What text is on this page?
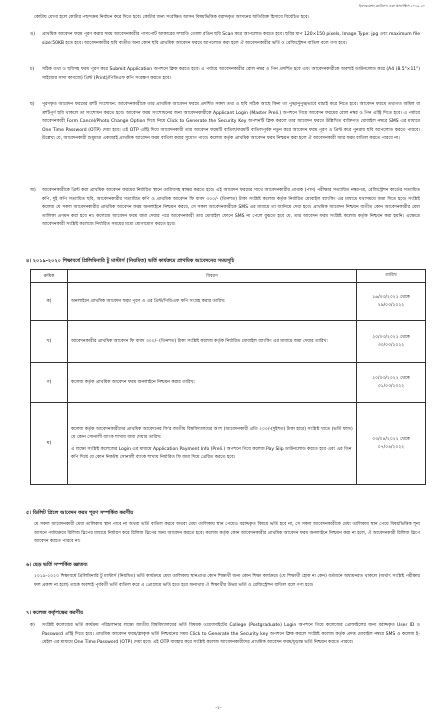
ইনফরমেশন ক্যাটালগ এবং প্রসপেক্টাস ২০১৯-২০
কোটায় যোগ্য হলে কোটার পছন্দক্রম নির্বাচন করে দিতে হবে। কোটার জন্য সংরক্ষিত আসন বিষয়ভিত্তিক বরাদ্দকৃত আসনের অতিরিক্ত হিসাবে বিবেচিত হবে।
ঙ)	প্রাথমিক আবেদন ফরম পূরণ করার সময় আবেদনকারীর পাসপোর্ট আকারের সম্প্রতি তোলা রঙিন ছবি Scan করে আপলোড করতে হবে। ছবির মাপ 120×150 pixels, Image Type: jpg এবং maximum file size:50KB হতে হবে। আবেদনকারীর ছবি ব্যতীত অন্য কোন ছবি প্রাথমিক আবেদন ফরমে আপলোড করা হলে ঐ আবেদনকারীর ভর্তি ও রেজিস্ট্রেশন বাতিল বলে গণ্য হবে।
চ)	সঠিক তথ্য ও ছবিসহ ফরম পূরণ করে Submit Application অপশনে ক্লিক করতে হবে। এ পর্যায়ে আবেদনকারীর রোল নম্বর ও পিন প্রদর্শিত হবে এবং আবেদনকারীকে অবশ্যই ডাউনলোড করে (A4 (8.5"×11") সাইজের সাদা কাগজে) প্রিন্ট (Print)/পিডিএফ কপি সংরক্ষণ করতে হবে।
ছ)	পূরণকৃত আবেদন ফরমের ত্রুটি সংশোধন: আবেদনকারীকে তার প্রাথমিক আবেদন ফরমে প্রদর্শিত সকল তথ্য ও ছবি সঠিক আছে কিনা তা পুঙ্খানুপুঙ্খভাবে যাচাই করে নিতে হবে। আবেদন ফরমে তথ্যগত অমিল বা ত্রুটিপূর্ণ ছবি থাকলে তা সংশোধন করতে হবে। আবেদন ফরম সংশোধনের জন্য আবেদনকারীকে Applicant Login (Master Preli.) অপশনে গিয়ে আবেদন ফরমের রোল নম্বর ও পিন এন্ট্রি দিতে হবে। এ পর্যায়ে আবেদনকারী Form Cancel/Photo Change Option দিয়ে নিয়ে Click to Generate the Security Key অপশনটি ক্লিক করলে তার আবেদন ফরমে উল্লিখিত ব্যক্তিগত মোবাইল নম্বরে SMS এর মাধ্যমে One Time Password (OTP) দেয়া হবে। এই OTP এন্ট্রি দিয়ে আবেদনকারী তার আবেদন ফরমটি বাতিল/ফরমটি বাতিলপূর্বক নতুন করে আবেদন ফরম পূরণ ও প্রিন্ট করে পুনরায় ছবি আপলোড করতে পারবে। উল্লেখ্য যে, আবেদনকারী শুধুমাত্র একবারই প্রাথমিক আবেদন ফরম বাতিল করার সুযোগ পাবে। কলেজ কর্তৃক প্রাথমিক আবেদন ফরম নিশ্চয়ন করা হলে ঐ আবেদনকারী আর ফরম বাতিল করতে পারবে না।
জ)	আবেদনকারীকে প্রিন্ট করা প্রাথমিক আবেদন ফরমের নির্ধারিত স্থানে তারিখসহ স্বাক্ষর করতে হবে। এই আবেদন ফরমের সাথে আবেদনকারীর প্রাপ্তক (পাস) পরীক্ষার সত্যায়িত নম্বরপত্র, রেজিস্ট্রেশন কার্ডের সত্যায়িত কপি, দুই কপি সত্যায়িত ছবি, আবেদনকারীর সত্যায়িত কপি ও প্রাথমিক আবেদন ফি বাবদ ৩০০/- (তিনশত) টাকা সংশ্লিষ্ট কলেজ কর্তৃক নির্ধারিত মোবাইল ব্যাংকিং এর মাধ্যমে যথাসময়ে জমা দিতে হবে। সংশ্লিষ্ট কলেজ যে সকল আবেদনকারীর প্রাথমিক আবেদন ফরম অনলাইনে নিশ্চয়ন করবে, সে সকল আবেদনকারীকে SMS এর মাধ্যমে তা জানিয়ে দেয়া হবে। প্রাথমিক আবেদন নিশ্চয়ন ব্যতীত কোন আবেদনকারীর মেধা তালিকা প্রণয়ন করা হবে না। কলেজে আবেদন ফরম জমা দেয়ার পরে আবেদনকারী তার মোবাইল ফোনে SMS না পেলে বুঝতে হবে যে, তার আবেদন ফরম সংশ্লিষ্ট কলেজ কর্তৃক নিশ্চয়ন করা হয়নি। এক্ষেত্রে আবেদনকারী সংশ্লিষ্ট কলেজে নির্ধারিত সময়ের মধ্যে যোগাযোগ করতে হবে।
৪। ২০১৯-২০২০ শিক্ষাবর্ষে প্রিলিমিনারি টু মাস্টার্স (নিয়মিত) ভর্তি কার্যক্রমে প্রাথমিক আবেদনের সময়সূচি
ক্রমিক	বিবরণ	তারিখ
ক)	অনলাইনে প্রাথমিক আবেদন ফরম পূরণ ও এর প্রিন্ট/পিডিএফ কপি সংগ্রহ করার তারিখ:	১৬/০৩/২০২২ থেকে ২৯/০৩/২০২২
খ)	আবেদনকারীর প্রাথমিক আবেদন ফি বাবদ ৩০০/- (তিনশত) টাকা সংশ্লিষ্ট কলেজ কর্তৃক নির্ধারিত মোবাইল ব্যাংকিং এর মাধ্যমে জমা দেয়ার তারিখ:	২০/০৩/২০২২ থেকে ৩০/০৩/২০২২
গ)	কলেজ কর্তৃক প্রাথমিক আবেদন ফরম অনলাইনে নিশ্চয়ন করার তারিখ:	২০/০৩/২০২২ থেকে ৩১/০৩/২০২২
ঘ)	কলেজ কর্তৃক আবেদনকারীদের প্রাথমিক আবেদনের ফি'র জাতীয় বিশ্ববিদ্যালয়ের অংশ (আবেদনকারী প্রতি ২০০/-(দুইশত) টাকা হারে) সংশ্লিষ্ট খাতে (ভর্তি ফান্ড) যে কোন সোনালী ব্যাংক শাখায় জমা দেয়ার তারিখ:
এ লক্ষ্যে সংশ্লিষ্ট কলেজের Login এর মাধ্যমে Application Payment Info (Preli.) অপশনে গিয়ে কলেজ Pay Slip ডাউনলোড করতে হবে এবং এর তিন কপি দিয়ে যে কোন নিকটস্থ সোনালী ব্যাংক শাখায় নির্ধারিত ফি জমা দিয়ে প্রেরিত করতে হবে।	০৩/০৪/২০২২ থেকে ০৭/০৪/২০২২
৫। ডিলিট প্রিলে আবেদন ফরম পূরণ সম্পর্কিত করণীয়
যে সকল আবেদনকারী মেধা তালিকায় স্থান পাবে না অথবা ভর্তি বাতিল করবে অথবা মেধা তালিকায় স্থান পেয়েও বরাদ্দকৃত বিষয়ে ভর্তি হবে না, সে সকল আবেদনকারীকে মেধা তালিকায় স্থান পেয়ে বিষয়ভিত্তিক শূন্য আসনে পর্যায়ক্রমে রিলিজ স্লিপের মাধ্যমে নির্ধারণ করে রিলিজ স্লিপের জন্য আবেদন করতে হবে। কলেজ কর্তৃক কোন আবেদনকারীর প্রাথমিক আবেদন ফরম অনলাইনে নিশ্চয়ন করা না হলে, ঐ আবেদনকারী রিলিজ স্লিপে আবেদন করতে পারবে না।
৬। ছেড় ভর্তি সম্পর্কিত জ্ঞাতব্য
২০১৯-২০২০ শিক্ষাবর্ষে প্রিলিমিনারি টু মাস্টার্স (নিয়মিত) ভর্তি কার্যক্রমে মেধা তালিকায় স্থানপ্রাপ্ত কোন শিক্ষার্থী অন্য কোন শিক্ষা কার্যক্রমে (যে শিক্ষার্থী হোক না কেন) বর্তমানে অধ্যয়নরত থাকলে (অর্থাৎ সংশ্লিষ্ট পরীক্ষার ফল প্রকাশ না হলে) তাকে অবশ্যই পূর্ববর্তী ভর্তি বাতিল করে এ প্রোগ্রামে ভর্তি হতে হবে অন্যথায় ঐ শিক্ষার্থীর উভয় ভর্তি ও রেজিস্ট্রেশন বাতিল বলে গণ্য হবে।
৭। কলেজ কর্তৃপক্ষের করণীয়
ক)	সংশ্লিষ্ট কলেজের ভর্তি কার্যক্রম পরিচালনার লক্ষ্যে জাতীয় বিশ্ববিদ্যালয়ের ভর্তি বিষয়ক ওয়েবসাইটের College (Postgraduate) Login অপশনে গিয়ে কলেজের প্রোফাইলের জন্য বরাদ্দকৃত User ID ও Password এন্ট্রি দিতে হবে। প্রাথমিক আবেদন ফরম/ফ্রাকৃক ভর্তি নিশ্চয়নের সময় Click to Generate the Security key অপশনে ক্লিক করলে সংশ্লিষ্ট কলেজ কর্তৃক প্রদত্ত মোবাইল নম্বরে SMS ও কলেজ ই-মেইল এর মাধ্যমে One Time Password (OTP) দেয়া হবে। এই OTP ব্যবহার করে সংশ্লিষ্ট কলেজ আবেদনকারীদের প্রাথমিক আবেদন ফরম/চূড়ান্ত ভর্তি নিশ্চয়ন করতে পারবে।
-২-
